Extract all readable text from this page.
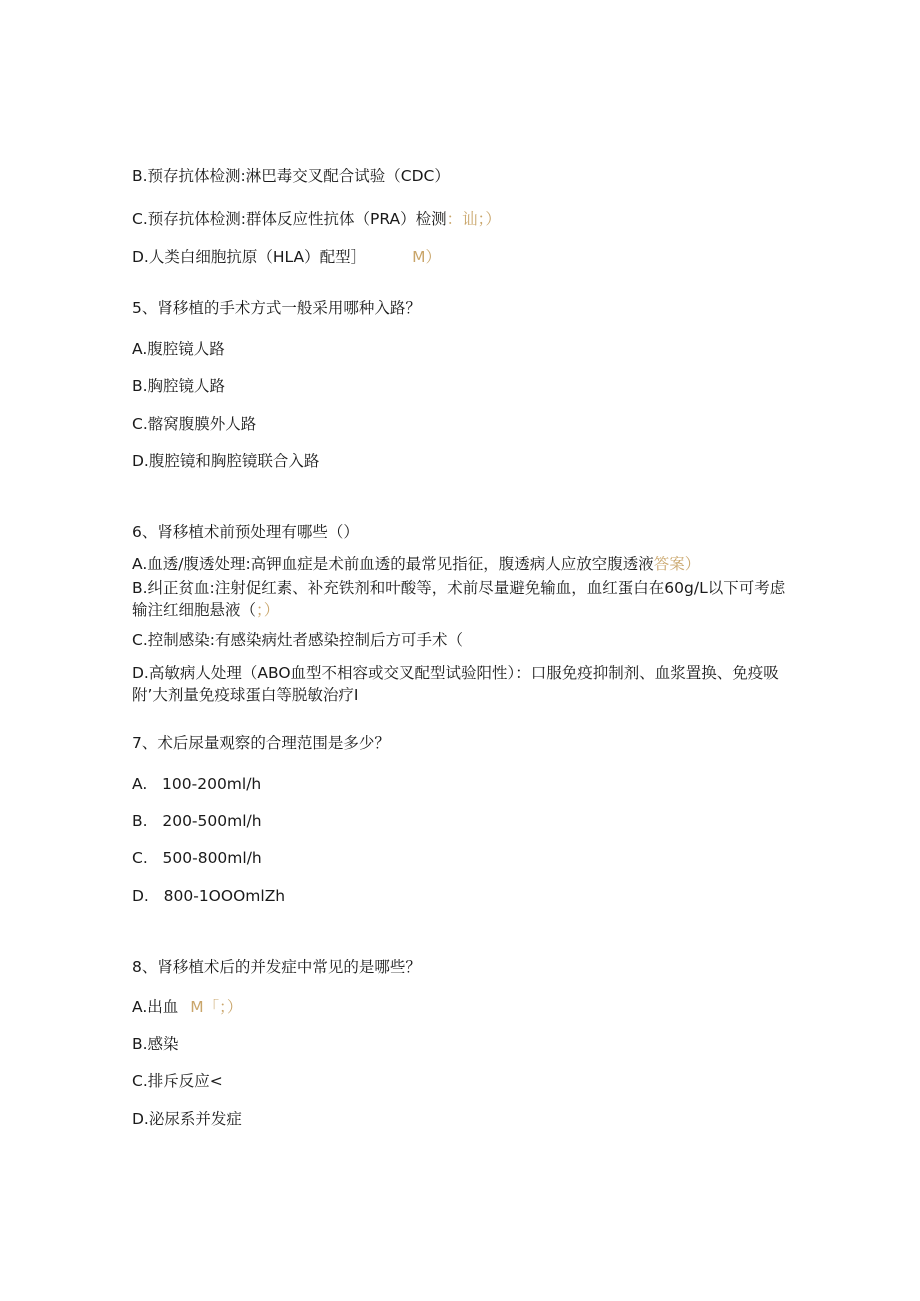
B.预存抗体检测:淋巴毒交叉配合试验（CDC）
C.预存抗体检测:群体反应性抗体（PRA）检测：讪；）
D.人类白细胞抗原（HLA）配型］	M）
5、肾移植的手术方式一般采用哪种入路？
A.腹腔镜人路
B.胸腔镜人路
C.髂窝腹膜外人路
D.腹腔镜和胸腔镜联合入路
6、肾移植术前预处理有哪些（）
A.血透/腹透处理:高钾血症是术前血透的最常见指征，腹透病人应放空腹透液答案）
B.纠正贫血:注射促红素、补充铁剂和叶酸等，术前尽量避免输血，血红蛋白在60g∕L以下可考虑输注红细胞悬液（；）
C.控制感染:有感染病灶者感染控制后方可手术（
D.高敏病人处理（ABO血型不相容或交叉配型试验阳性）：口服免疫抑制剂、血浆置换、免疫吸附’大剂量免疫球蛋白等脱敏治疗I
7、术后尿量观察的合理范围是多少？
A.   100-200ml∕h
B.   200-500ml∕h
C.   500-800ml∕h
D.   800-1OOOmlZh
8、肾移植术后的并发症中常见的是哪些？
A.出血 M「；）
B.感染
C.排斥反应<
D.泌尿系并发症
